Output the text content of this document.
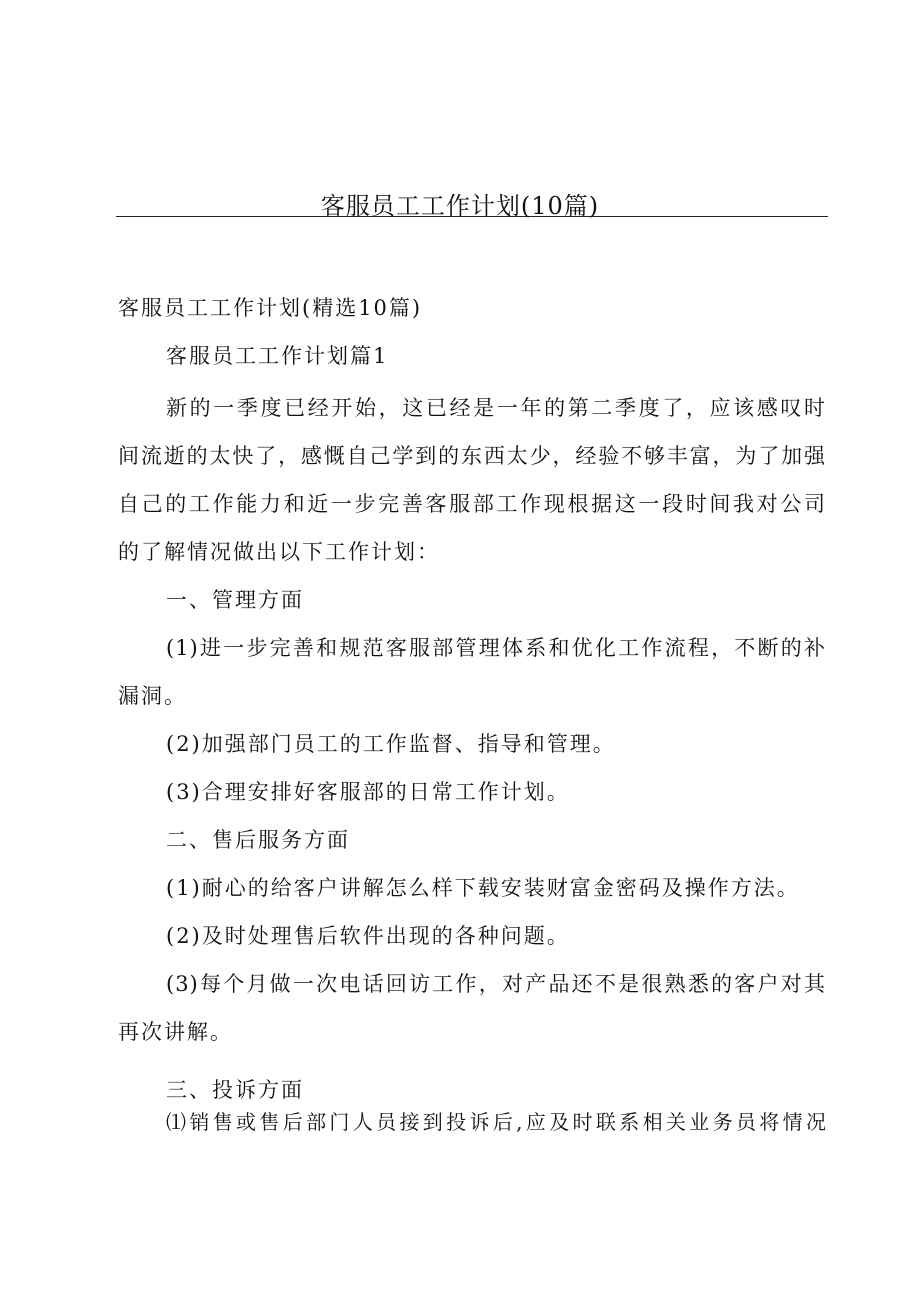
客服员工工作计划(10篇)
客服员工工作计划(精选10篇)
客服员工工作计划篇1
新的一季度已经开始，这已经是一年的第二季度了，应该感叹时
间流逝的太快了，感慨自己学到的东西太少，经验不够丰富，为了加强
自己的工作能力和近一步完善客服部工作现根据这一段时间我对公司
的了解情况做出以下工作计划：
一、管理方面
(1)进一步完善和规范客服部管理体系和优化工作流程，不断的补
漏洞。
(2)加强部门员工的工作监督、指导和管理。
(3)合理安排好客服部的日常工作计划。
二、售后服务方面
(1)耐心的给客户讲解怎么样下载安装财富金密码及操作方法。
(2)及时处理售后软件出现的各种问题。
(3)每个月做一次电话回访工作，对产品还不是很熟悉的客户对其
再次讲解。
三、投诉方面
⑴销售或售后部门人员接到投诉后,应及时联系相关业务员将情况
